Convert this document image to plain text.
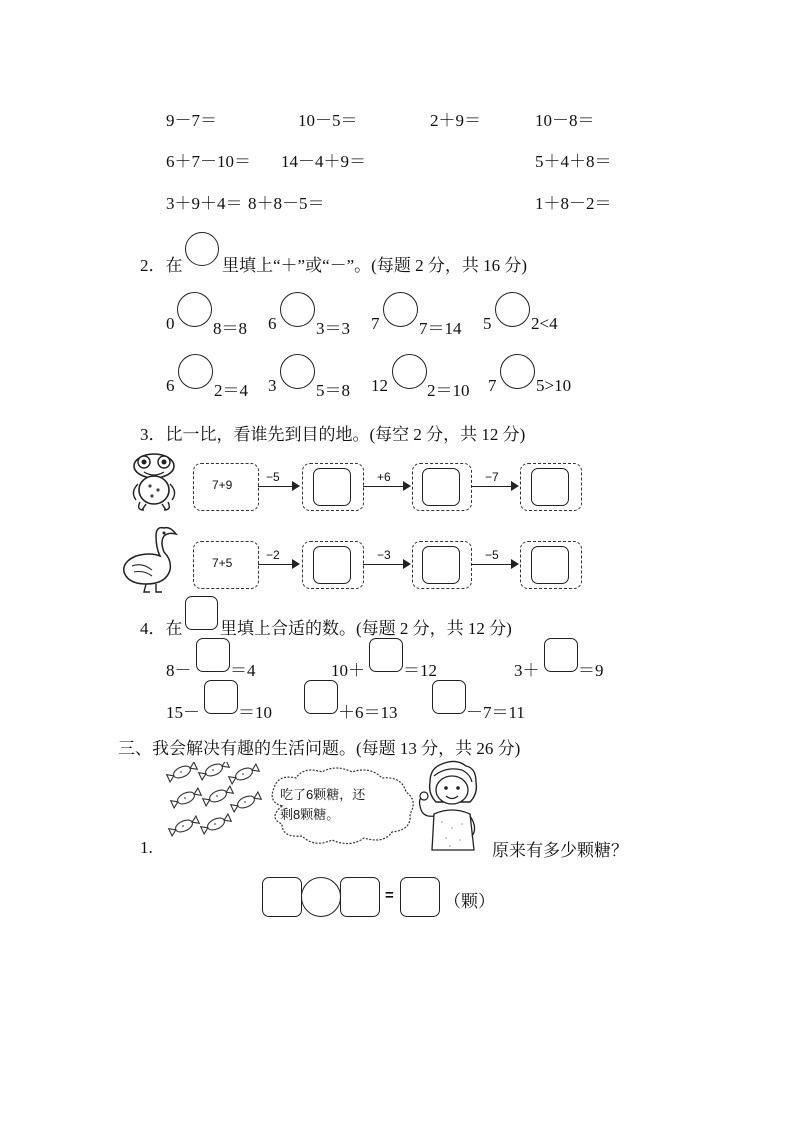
9－7＝	10－5＝	2＋9＝	10－8＝
6＋7－10＝ 14－4＋9＝	5＋4＋8＝
3＋9＋4＝ 8＋8－5＝	1＋8－2＝
2．在 里填上“＋”或“－”。(每题 2 分，共 16 分)
0 8＝8 6 3＝3 7 7＝14 5 2<4
6 2＝4 3 5＝8 12 2＝10 7 5>10
3．比一比，看谁先到目的地。(每空 2 分，共 12 分)
7+9
−5	+6	−7
7+5
−2	−3	−5
4．在 里填上合适的数。(每题 2 分，共 12 分)
8－ ＝4	10＋ ＝12	3＋ ＝9
15－ ＝10	＋6＝13	－7＝11
三、我会解决有趣的生活问题。(每题 13 分，共 26 分)
吃了6颗糖，还
剩8颗糖。
1.	原来有多少颗糖？
=	（颗）
